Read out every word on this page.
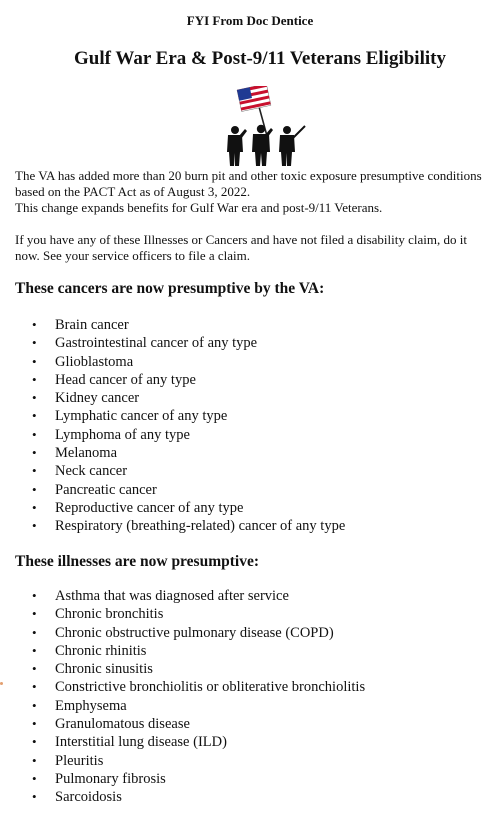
FYI From Doc Dentice
Gulf War Era & Post-9/11 Veterans Eligibility

The VA has added more than 20 burn pit and other toxic exposure presumptive conditions based on the PACT Act as of August 3, 2022.

This change expands benefits for Gulf War era and post-9/11 Veterans.

If you have any of these Illnesses or Cancers and have not filed a disability claim, do it now. See your service officers to file a claim.

These cancers are now presumptive by the VA:
• Brain cancer
• Gastrointestinal cancer of any type
• Glioblastoma
• Head cancer of any type
• Kidney cancer
• Lymphatic cancer of any type
• Lymphoma of any type
• Melanoma
• Neck cancer
• Pancreatic cancer
• Reproductive cancer of any type
• Respiratory (breathing-related) cancer of any type
These illnesses are now presumptive:
• Asthma that was diagnosed after service
• Chronic bronchitis
• Chronic obstructive pulmonary disease (COPD)
• Chronic rhinitis
• Chronic sinusitis
• Constrictive bronchiolitis or obliterative bronchiolitis
• Emphysema
• Granulomatous disease
• Interstitial lung disease (ILD)
• Pleuritis
• Pulmonary fibrosis
• Sarcoidosis
